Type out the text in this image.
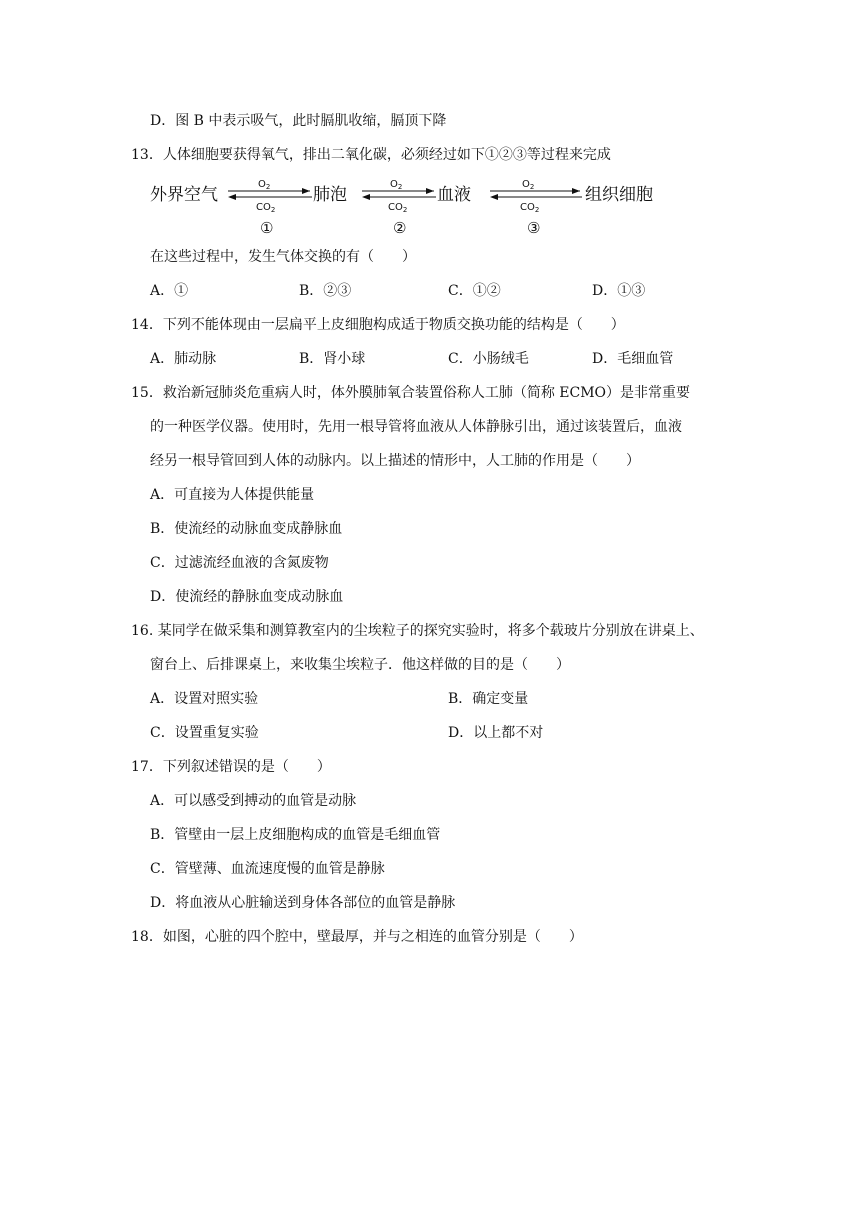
D．图 B 中表示吸气，此时膈肌收缩，膈顶下降
13．人体细胞要获得氧气，排出二氧化碳，必须经过如下①②③等过程来完成
外界空气	肺泡	血液	组织细胞
$O_2$
$CO_2$
$O_2$
$CO_2$
$O_2$
$CO_2$
①	②	③
在这些过程中，发生气体交换的有（　　）
A．①	B．②③	C．①②	D．①③
14．下列不能体现由一层扁平上皮细胞构成适于物质交换功能的结构是（　　）
A．肺动脉	B．肾小球	C．小肠绒毛	D．毛细血管
15．救治新冠肺炎危重病人时，体外膜肺氧合装置俗称人工肺（简称 ECMO）是非常重要
的一种医学仪器。使用时，先用一根导管将血液从人体静脉引出，通过该装置后，血液
经另一根导管回到人体的动脉内。以上描述的情形中，人工肺的作用是（　　）
A．可直接为人体提供能量
B．使流经的动脉血变成静脉血
C．过滤流经血液的含氮废物
D．使流经的静脉血变成动脉血
16. 某同学在做采集和测算教室内的尘埃粒子的探究实验时，将多个载玻片分别放在讲桌上、
窗台上、后排课桌上，来收集尘埃粒子．他这样做的目的是（　　）
A．设置对照实验	B．确定变量
C．设置重复实验	D．以上都不对
17．下列叙述错误的是（　　）
A．可以感受到搏动的血管是动脉
B．管壁由一层上皮细胞构成的血管是毛细血管
C．管壁薄、血流速度慢的血管是静脉
D．将血液从心脏输送到身体各部位的血管是静脉
18．如图，心脏的四个腔中，壁最厚，并与之相连的血管分别是（　　）
